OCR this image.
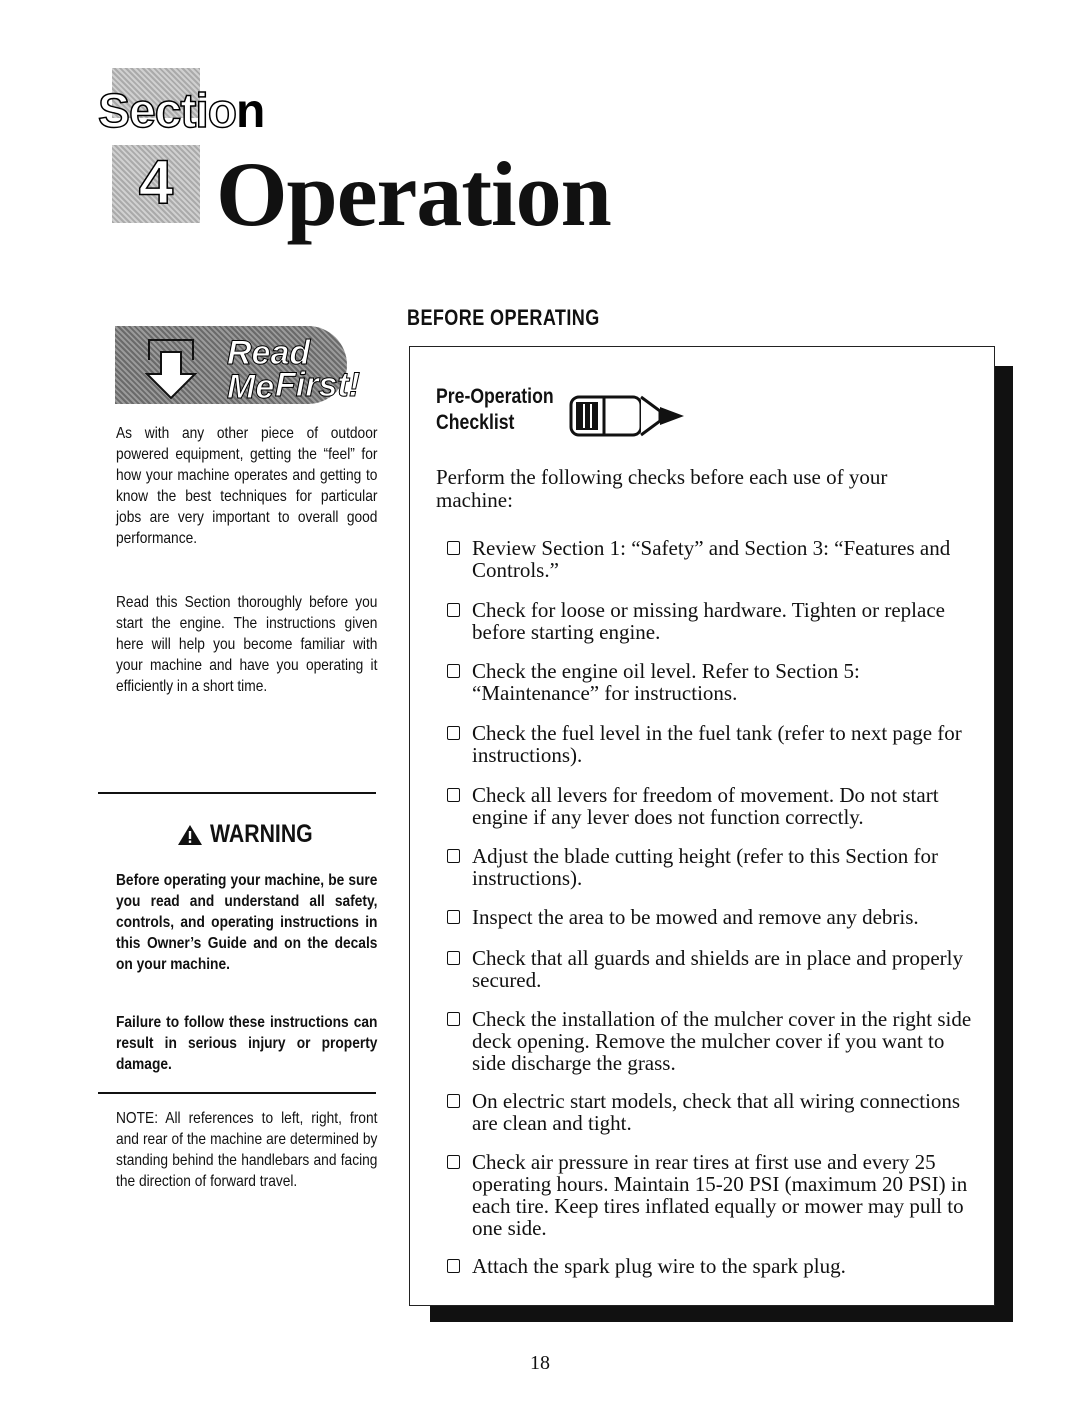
Section
4 Operation
BEFORE OPERATING
Read Me First!
As with any other piece of outdoor powered equipment, getting the “feel” for how your machine operates and getting to know the best techniques for particular jobs are very important to overall good performance.
Read this Section thoroughly before you start the engine. The instructions given here will help you become familiar with your machine and have you operating it efficiently in a short time.
WARNING
Before operating your machine, be sure you read and understand all safety, controls, and operating instructions in this Owner’s Guide and on the decals on your machine.
Failure to follow these instructions can result in serious injury or property damage.
NOTE: All references to left, right, front and rear of the machine are determined by standing behind the handlebars and facing the direction of forward travel.
Pre-Operation
Checklist
Perform the following checks before each use of your machine:
Review Section 1: “Safety” and Section 3: “Features and Controls.”
Check for loose or missing hardware. Tighten or replace before starting engine.
Check the engine oil level. Refer to Section 5: “Maintenance” for instructions.
Check the fuel level in the fuel tank (refer to next page for instructions).
Check all levers for freedom of movement. Do not start engine if any lever does not function correctly.
Adjust the blade cutting height (refer to this Section for instructions).
Inspect the area to be mowed and remove any debris.
Check that all guards and shields are in place and properly secured.
Check the installation of the mulcher cover in the right side deck opening. Remove the mulcher cover if you want to side discharge the grass.
On electric start models, check that all wiring connections are clean and tight.
Check air pressure in rear tires at first use and every 25 operating hours. Maintain 15-20 PSI (maximum 20 PSI) in each tire. Keep tires inflated equally or mower may pull to one side.
Attach the spark plug wire to the spark plug.
18
